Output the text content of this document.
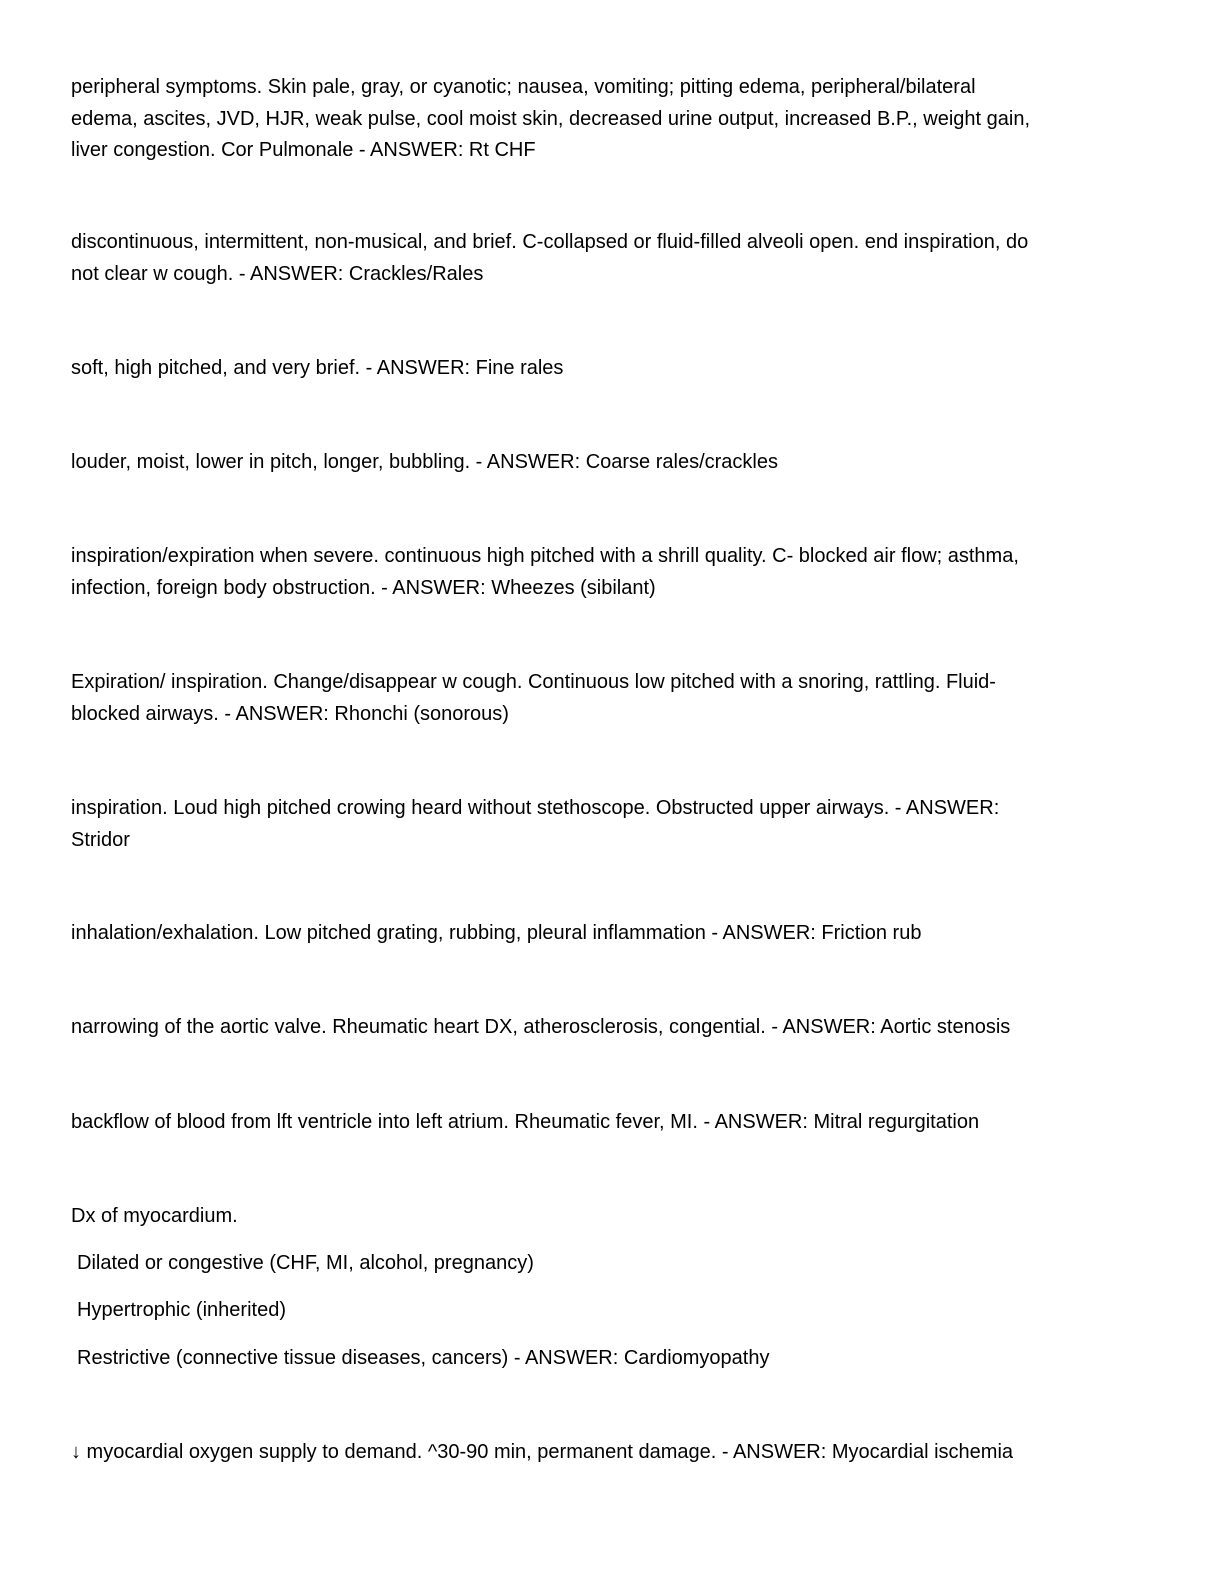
peripheral symptoms. Skin pale, gray, or cyanotic; nausea, vomiting; pitting edema, peripheral/bilateral
edema, ascites, JVD, HJR, weak pulse, cool moist skin, decreased urine output, increased B.P., weight gain,
liver congestion. Cor Pulmonale - ANSWER: Rt CHF

discontinuous, intermittent, non-musical, and brief. C-collapsed or fluid-filled alveoli open. end inspiration, do
not clear w cough. - ANSWER: Crackles/Rales

soft, high pitched, and very brief. - ANSWER: Fine rales

louder, moist, lower in pitch, longer, bubbling. - ANSWER: Coarse rales/crackles

inspiration/expiration when severe. continuous high pitched with a shrill quality. C- blocked air flow; asthma,
infection, foreign body obstruction. - ANSWER: Wheezes (sibilant)

Expiration/ inspiration. Change/disappear w cough. Continuous low pitched with a snoring, rattling. Fluid-
blocked airways. - ANSWER: Rhonchi (sonorous)

inspiration. Loud high pitched crowing heard without stethoscope. Obstructed upper airways. - ANSWER:
Stridor

inhalation/exhalation. Low pitched grating, rubbing, pleural inflammation - ANSWER: Friction rub

narrowing of the aortic valve. Rheumatic heart DX, atherosclerosis, congential. - ANSWER: Aortic stenosis

backflow of blood from lft ventricle into left atrium. Rheumatic fever, MI. - ANSWER: Mitral regurgitation

Dx of myocardium.

Dilated or congestive (CHF, MI, alcohol, pregnancy)

Hypertrophic (inherited)

Restrictive (connective tissue diseases, cancers) - ANSWER: Cardiomyopathy

↓ myocardial oxygen supply to demand. ^30-90 min, permanent damage. - ANSWER: Myocardial ischemia
